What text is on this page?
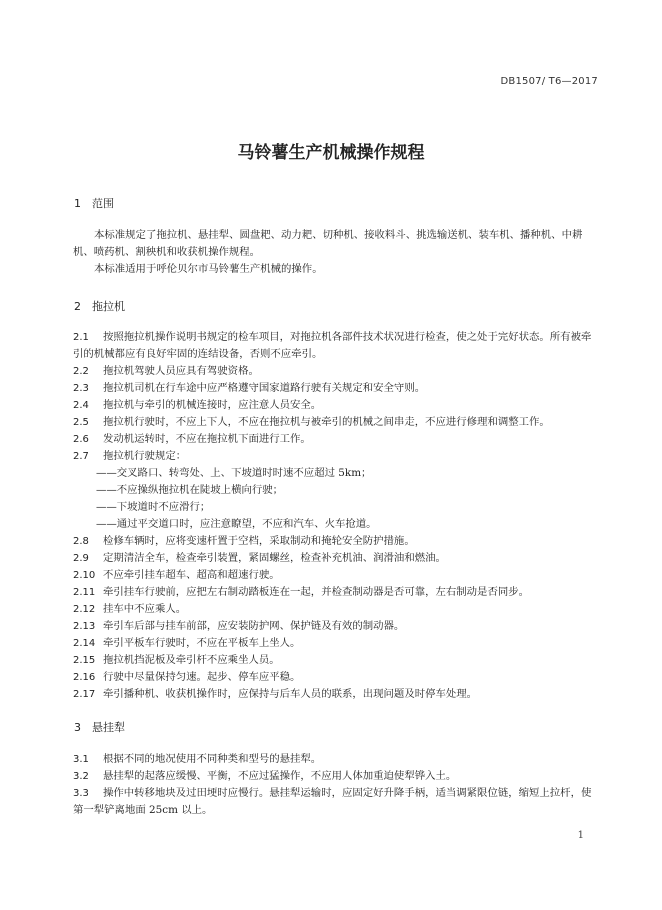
DB1507/ T6—2017
马铃薯生产机械操作规程
1 范围
本标准规定了拖拉机、悬挂犁、圆盘耙、动力耙、切种机、接收料斗、挑选输送机、装车机、播种机、中耕机、喷药机、割秧机和收获机操作规程。
本标准适用于呼伦贝尔市马铃薯生产机械的操作。
2 拖拉机
2.1 按照拖拉机操作说明书规定的检车项目，对拖拉机各部件技术状况进行检查，使之处于完好状态。所有被牵引的机械都应有良好牢固的连结设备，否则不应牵引。
2.2 拖拉机驾驶人员应具有驾驶资格。
2.3 拖拉机司机在行车途中应严格遵守国家道路行驶有关规定和安全守则。
2.4 拖拉机与牵引的机械连接时，应注意人员安全。
2.5 拖拉机行驶时，不应上下人，不应在拖拉机与被牵引的机械之间串走，不应进行修理和调整工作。
2.6 发动机运转时，不应在拖拉机下面进行工作。
2.7 拖拉机行驶规定：
——交叉路口、转弯处、上、下坡道时时速不应超过 5km；
——不应操纵拖拉机在陡坡上横向行驶；
——下坡道时不应滑行；
——通过平交道口时，应注意瞭望，不应和汽车、火车抢道。
2.8 检修车辆时，应将变速杆置于空档，采取制动和掩轮安全防护措施。
2.9 定期清洁全车，检查牵引装置，紧固螺丝，检查补充机油、润滑油和燃油。
2.10 不应牵引挂车超车、超高和超速行驶。
2.11 牵引挂车行驶前，应把左右制动踏板连在一起，并检查制动器是否可靠，左右制动是否同步。
2.12 挂车中不应乘人。
2.13 牵引车后部与挂车前部，应安装防护网、保护链及有效的制动器。
2.14 牵引平板车行驶时，不应在平板车上坐人。
2.15 拖拉机挡泥板及牵引杆不应乘坐人员。
2.16 行驶中尽量保持匀速。起步、停车应平稳。
2.17 牵引播种机、收获机操作时，应保持与后车人员的联系，出现问题及时停车处理。
3 悬挂犁
3.1 根据不同的地况使用不同种类和型号的悬挂犁。
3.2 悬挂犁的起落应缓慢、平衡，不应过猛操作，不应用人体加重迫使犁铧入土。
3.3 操作中转移地块及过田埂时应慢行。悬挂犁运输时，应固定好升降手柄，适当调紧限位链，缩短上拉杆，使第一犁铲离地面 25cm 以上。
1
